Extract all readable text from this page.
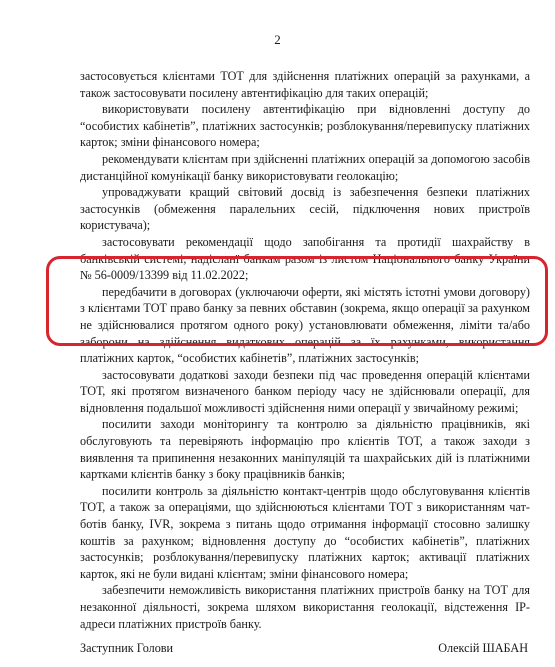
2

застосовується клієнтами ТОТ для здійснення платіжних операцій за рахунками, а також застосовувати посилену автентифікацію для таких операцій;

використовувати посилену автентифікацію при відновленні доступу до “особистих кабінетів”, платіжних застосунків; розблокування/перевипуску платіжних карток; зміни фінансового номера;

рекомендувати клієнтам при здійсненні платіжних операцій за допомогою засобів дистанційної комунікації банку використовувати геолокацію;

упроваджувати кращий світовий досвід із забезпечення безпеки платіжних застосунків (обмеження паралельних сесій, підключення нових пристроїв користувача);

застосовувати рекомендації щодо запобігання та протидії шахрайству в банківській системі, надісланї банкам разом із листом Національного банку України № 56-0009/13399 від 11.02.2022;

передбачити в договорах (уключаючи оферти, які містять істотні умови договору) з клієнтами ТОТ право банку за певних обставин (зокрема, якщо операції за рахунком не здійснювалися протягом одного року) установлювати обмеження, ліміти та/або заборони на здійснення видаткових операцій за їх рахунками, використання платіжних карток, “особистих кабінетів”, платіжних застосунків;

застосовувати додаткові заходи безпеки під час проведення операцій клієнтами ТОТ, які протягом визначеного банком періоду часу не здійснювали операції, для відновлення подальшої можливості здійснення ними операції у звичайному режимі;

посилити заходи моніторингу та контролю за діяльністю працівників, які обслуговують та перевіряють інформацію про клієнтів ТОТ, а також заходи з виявлення та припинення незаконних маніпуляцій та шахрайських дій із платіжними картками клієнтів банку з боку працівників банків;

посилити контроль за діяльністю контакт-центрів щодо обслуговування клієнтів ТОТ, а також за операціями, що здійснюються клієнтами ТОТ з використанням чат-ботів банку, IVR, зокрема з питань щодо отримання інформації стосовно залишку коштів за рахунком; відновлення доступу до “особистих кабінетів”, платіжних застосунків; розблокування/перевипуску платіжних карток; активації платіжних карток, які не були видані клієнтам; зміни фінансового номера;

забезпечити неможливість використання платіжних пристроїв банку на ТОТ для незаконної діяльності, зокрема шляхом використання геолокації, відстеження IP-адреси платіжних пристроїв банку.

Заступник Голови	Олексій ШАБАН
